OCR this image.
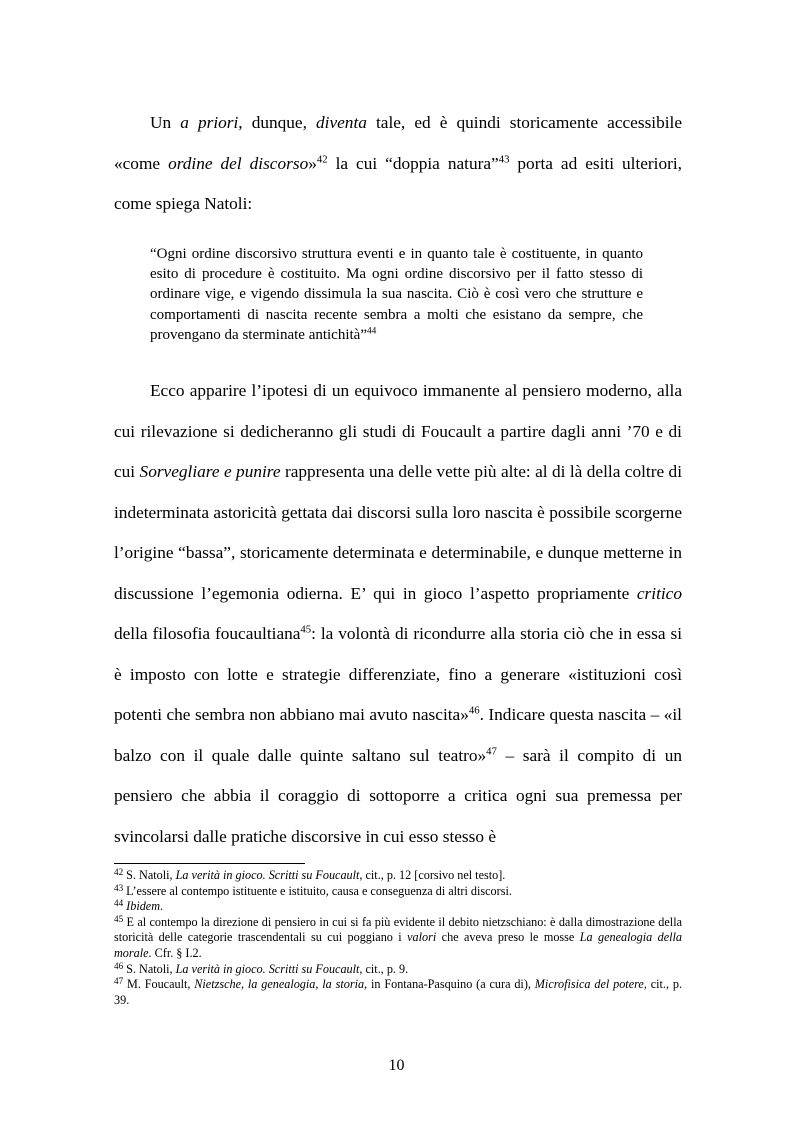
Un a priori, dunque, diventa tale, ed è quindi storicamente accessibile «come ordine del discorso»$^{42}$ la cui “doppia natura”$^{43}$ porta ad esiti ulteriori, come spiega Natoli:

“Ogni ordine discorsivo struttura eventi e in quanto tale è costituente, in quanto esito di procedure è costituito. Ma ogni ordine discorsivo per il fatto stesso di ordinare vige, e vigendo dissimula la sua nascita. Ciò è così vero che strutture e comportamenti di nascita recente sembra a molti che esistano da sempre, che provengano da sterminate antichità”$^{44}$

Ecco apparire l’ipotesi di un equivoco immanente al pensiero moderno, alla cui rilevazione si dedicheranno gli studi di Foucault a partire dagli anni ’70 e di cui Sorvegliare e punire rappresenta una delle vette più alte: al di là della coltre di indeterminata astoricità gettata dai discorsi sulla loro nascita è possibile scorgerne l’origine “bassa”, storicamente determinata e determinabile, e dunque metterne in discussione l’egemonia odierna. E’ qui in gioco l’aspetto propriamente critico della filosofia foucaultiana$^{45}$: la volontà di ricondurre alla storia ciò che in essa si è imposto con lotte e strategie differenziate, fino a generare «istituzioni così potenti che sembra non abbiano mai avuto nascita»$^{46}$. Indicare questa nascita – «il balzo con il quale dalle quinte saltano sul teatro»$^{47}$ – sarà il compito di un pensiero che abbia il coraggio di sottoporre a critica ogni sua premessa per svincolarsi dalle pratiche discorsive in cui esso stesso è

$^{42}$ S. Natoli, La verità in gioco. Scritti su Foucault, cit., p. 12 [corsivo nel testo].

$^{43}$ L’essere al contempo istituente e istituito, causa e conseguenza di altri discorsi.

$^{44}$ Ibidem.

$^{45}$ E al contempo la direzione di pensiero in cui si fa più evidente il debito nietzschiano: è dalla dimostrazione della storicità delle categorie trascendentali su cui poggiano i valori che aveva preso le mosse La genealogia della morale. Cfr. § I.2.

$^{46}$ S. Natoli, La verità in gioco. Scritti su Foucault, cit., p. 9.

$^{47}$ M. Foucault, Nietzsche, la genealogia, la storia, in Fontana-Pasquino (a cura di), Microfisica del potere, cit., p. 39.

10
